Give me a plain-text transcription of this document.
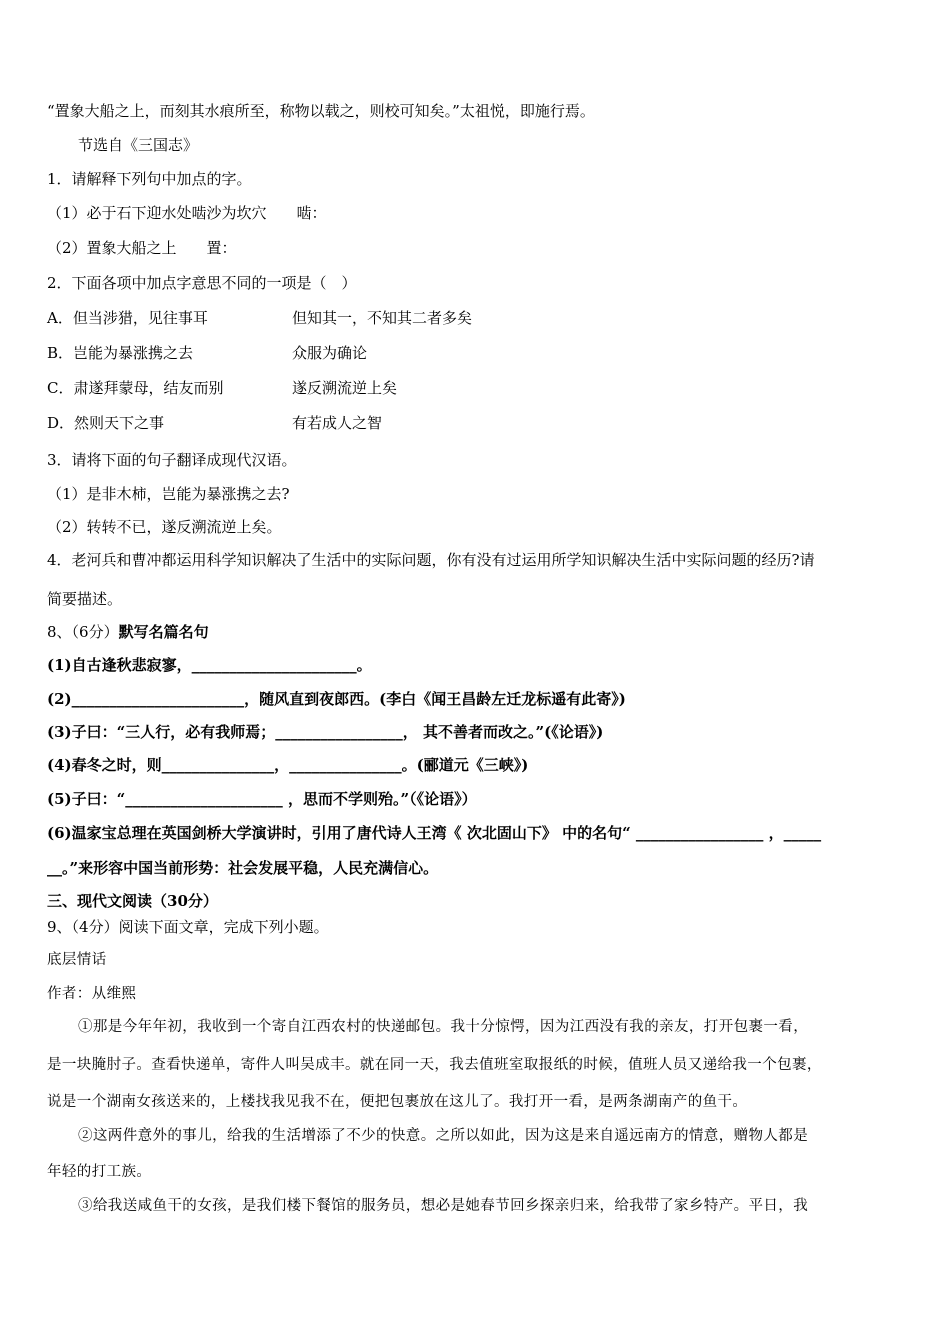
“置象大船之上，而刻其水痕所至，称物以载之，则校可知矣。”太祖悦，即施行焉。
节选自《三国志》
1．请解释下列句中加点的字。
（1）必于石下迎水处啮沙为坎穴　　啮：
（2）置象大船之上　　置：
2．下面各项中加点字意思不同的一项是（　）
A．但当涉猎，见往事耳	但知其一，不知其二者多矣
B．岂能为暴涨携之去	众服为确论
C．肃遂拜蒙母，结友而别	遂反溯流逆上矣
D．然则天下之事	有若成人之智
3．请将下面的句子翻译成现代汉语。
（1）是非木柿，岂能为暴涨携之去?
（2）转转不已，遂反溯流逆上矣。
4．老河兵和曹冲都运用科学知识解决了生活中的实际问题，你有没有过运用所学知识解决生活中实际问题的经历?请
简要描述。
8、（6分）默写名篇名句
(1)自古逢秋悲寂寥，______________________。
(2)_______________________，随风直到夜郎西。(李白《闻王昌龄左迁龙标遥有此寄》)
(3)子曰：“三人行，必有我师焉；_________________， 其不善者而改之。”(《论语》)
(4)春冬之时，则_______________，_______________。(郦道元《三峡》)
(5)子曰：“_____________________ ，思而不学则殆。”（《论语》）
(6)温家宝总理在英国剑桥大学演讲时，引用了唐代诗人王湾《 次北固山下》 中的名句“ _________________ ，_____
__。”来形容中国当前形势：社会发展平稳，人民充满信心。
三、现代文阅读（30分）
9、（4分）阅读下面文章，完成下列小题。
底层情话
作者：从维熙
①那是今年年初，我收到一个寄自江西农村的快递邮包。我十分惊愕，因为江西没有我的亲友，打开包裹一看，
是一块腌肘子。查看快递单，寄件人叫吴成丰。就在同一天，我去值班室取报纸的时候，值班人员又递给我一个包裹，
说是一个湖南女孩送来的，上楼找我见我不在，便把包裹放在这儿了。我打开一看，是两条湖南产的鱼干。
②这两件意外的事儿，给我的生活增添了不少的快意。之所以如此，因为这是来自遥远南方的情意，赠物人都是
年轻的打工族。
③给我送咸鱼干的女孩，是我们楼下餐馆的服务员，想必是她春节回乡探亲归来，给我带了家乡特产。平日，我
